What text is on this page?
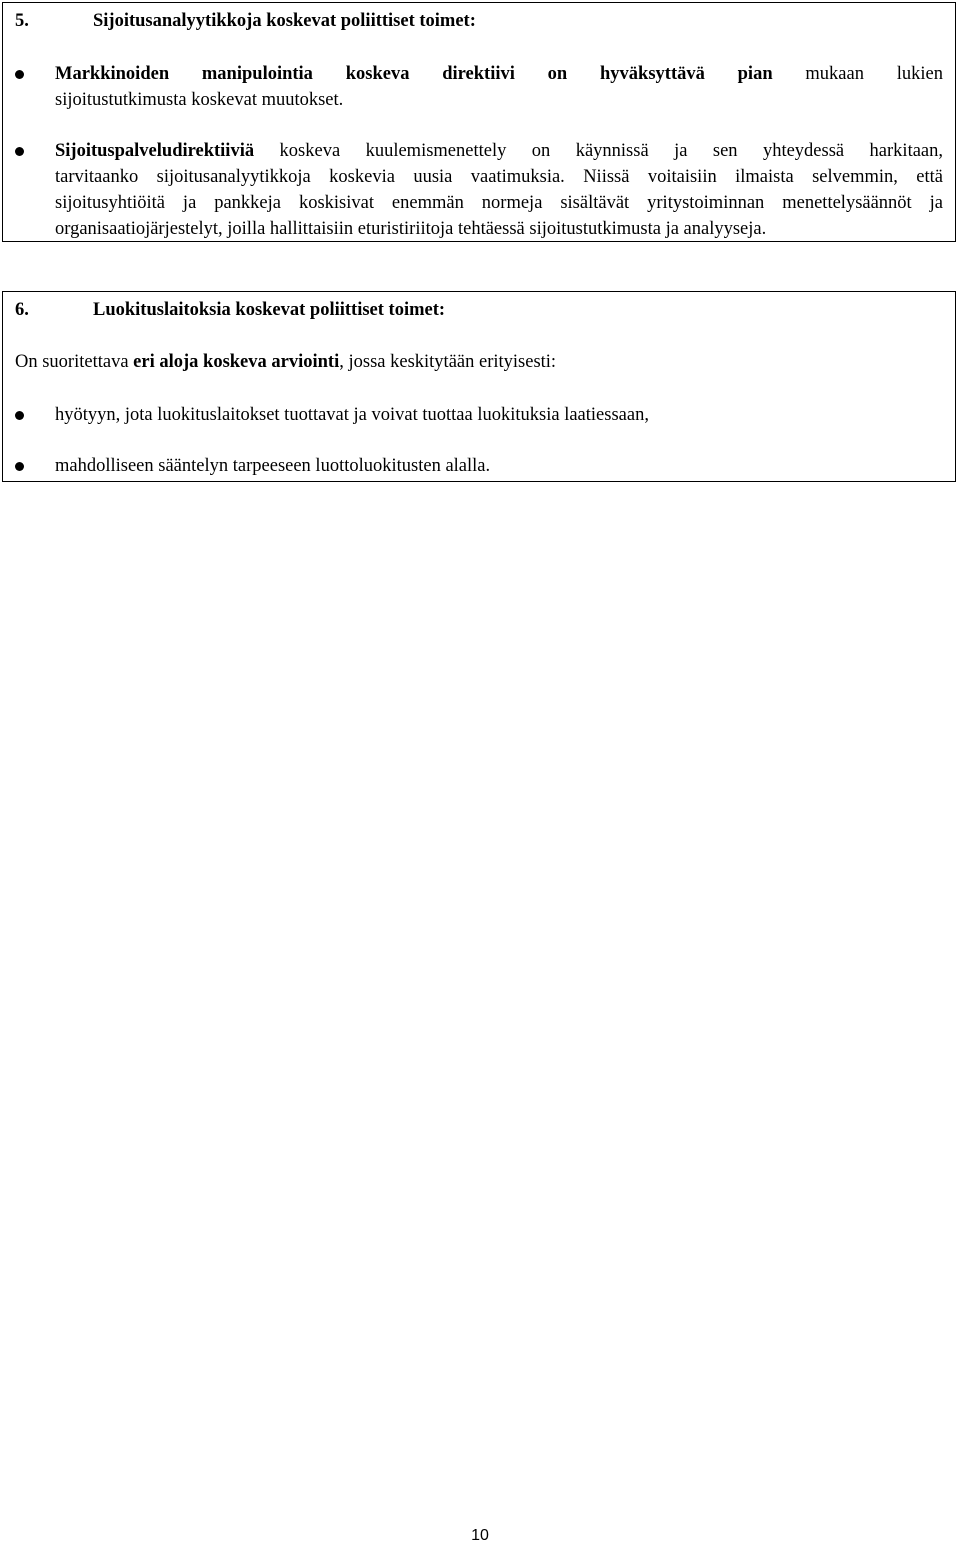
5.	Sijoitusanalyytikkoja koskevat poliittiset toimet:
Markkinoiden manipulointia koskeva direktiivi on hyväksyttävä pian mukaan lukien
sijoitustutkimusta koskevat muutokset.
Sijoituspalveludirektiiviä koskeva kuulemismenettely on käynnissä ja sen yhteydessä harkitaan,
tarvitaanko sijoitusanalyytikkoja koskevia uusia vaatimuksia. Niissä voitaisiin ilmaista selvemmin, että
sijoitusyhtiöitä ja pankkeja koskisivat enemmän normeja sisältävät yritystoiminnan menettelysäännöt ja
organisaatiojärjestelyt, joilla hallittaisiin eturistiriitoja tehtäessä sijoitustutkimusta ja analyyseja.
6.	Luokituslaitoksia koskevat poliittiset toimet:
On suoritettava eri aloja koskeva arviointi, jossa keskitytään erityisesti:
hyötyyn, jota luokituslaitokset tuottavat ja voivat tuottaa luokituksia laatiessaan,
mahdolliseen sääntelyn tarpeeseen luottoluokitusten alalla.
10
